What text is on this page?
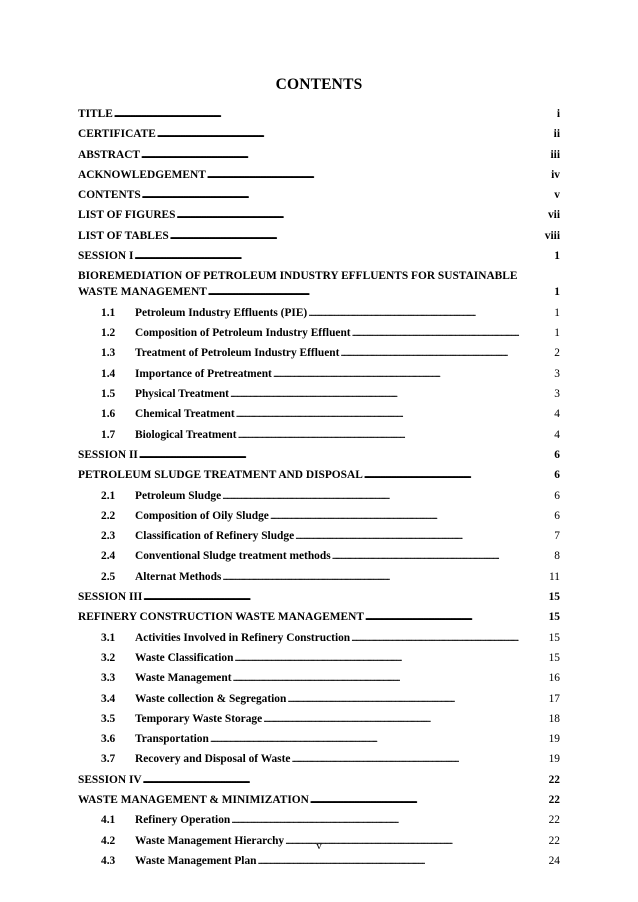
CONTENTS
TITLE . . .	i
CERTIFICATE . . .	ii
ABSTRACT . . .	iii
ACKNOWLEDGEMENT . . .	iv
CONTENTS . . .	v
LIST OF FIGURES . . .	vii
LIST OF TABLES . . .	viii
SESSION I . . .	1
BIOREMEDIATION OF PETROLEUM INDUSTRY EFFLUENTS FOR SUSTAINABLE
WASTE MANAGEMENT . . .	1
1.1	Petroleum Industry Effluents (PIE) . . .	1
1.2	Composition of Petroleum Industry Effluent . . .	1
1.3	Treatment of Petroleum Industry Effluent . . .	2
1.4	Importance of Pretreatment . . .	3
1.5	Physical Treatment . . .	3
1.6	Chemical Treatment . . .	4
1.7	Biological Treatment . . .	4
SESSION II . . .	6
PETROLEUM SLUDGE TREATMENT AND DISPOSAL . . .	6
2.1	Petroleum Sludge . . .	6
2.2	Composition of Oily Sludge . . .	6
2.3	Classification of Refinery Sludge . . .	7
2.4	Conventional Sludge treatment methods . . .	8
2.5	Alternat Methods . . .	11
SESSION III . . .	15
REFINERY CONSTRUCTION WASTE MANAGEMENT . . .	15
3.1	Activities Involved in Refinery Construction . . .	15
3.2	Waste Classification . . .	15
3.3	Waste Management . . .	16
3.4	Waste collection & Segregation . . .	17
3.5	Temporary Waste Storage . . .	18
3.6	Transportation . . .	19
3.7	Recovery and Disposal of Waste . . .	19
SESSION IV . . .	22
WASTE MANAGEMENT & MINIMIZATION . . .	22
4.1	Refinery Operation . . .	22
4.2	Waste Management Hierarchy . . .	22
4.3	Waste Management Plan . . .	24
v
